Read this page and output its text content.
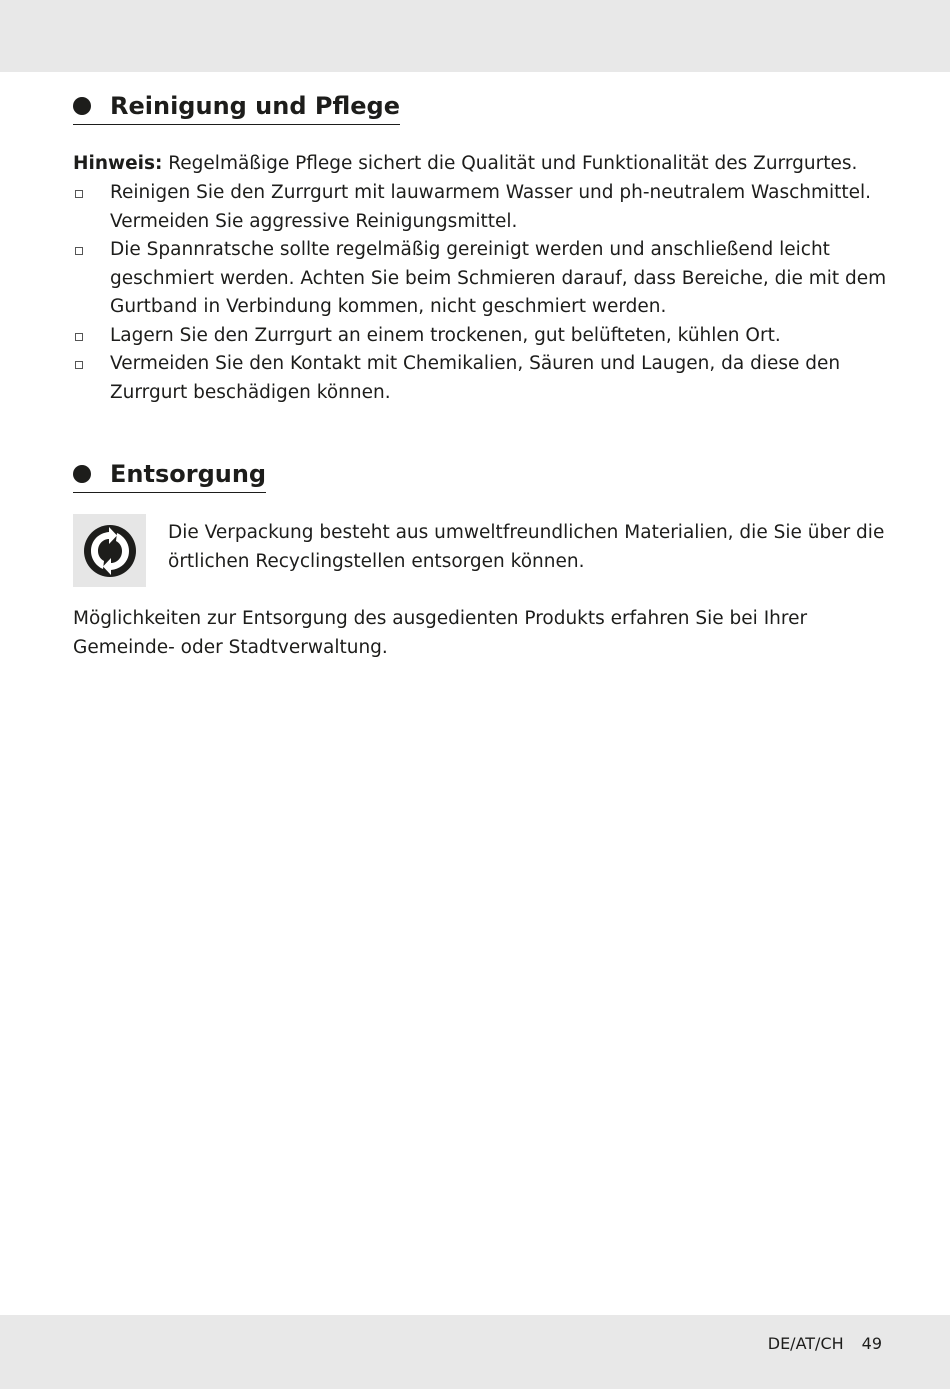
Reinigung und Pflege

Hinweis: Regelmäßige Pflege sichert die Qualität und Funktionalität des Zurrgurtes.

Reinigen Sie den Zurrgurt mit lauwarmem Wasser und ph-neutralem Waschmittel. Vermeiden Sie aggressive Reinigungsmittel.
Die Spannratsche sollte regelmäßig gereinigt werden und anschließend leicht geschmiert werden. Achten Sie beim Schmieren darauf, dass Bereiche, die mit dem Gurtband in Verbindung kommen, nicht geschmiert werden.
Lagern Sie den Zurrgurt an einem trockenen, gut belüfteten, kühlen Ort.
Vermeiden Sie den Kontakt mit Chemikalien, Säuren und Laugen, da diese den Zurrgurt beschädigen können.
Entsorgung
Die Verpackung besteht aus umweltfreundlichen Materialien, die Sie über die örtlichen Recyclingstellen entsorgen können.

Möglichkeiten zur Entsorgung des ausgedienten Produkts erfahren Sie bei Ihrer Gemeinde- oder Stadtverwaltung.

DE/AT/CH 49
